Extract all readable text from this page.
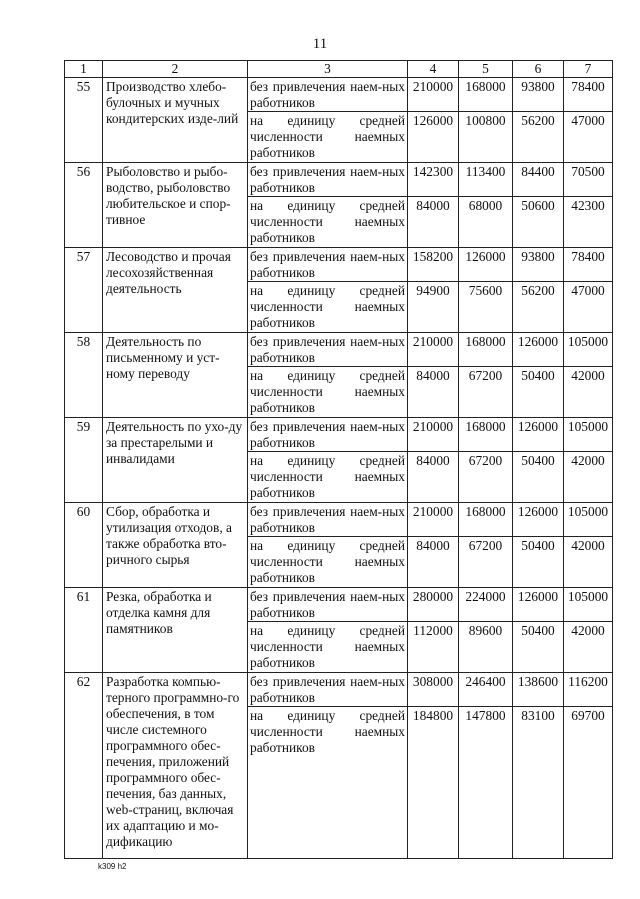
11
1	2	3	4	5	6	7
55	Производство хлебо-булочных и мучных кондитерских изде-лий	без привлечения наем-ных работников	210000	168000	93800	78400
		на единицу средней численности наемных работников	126000	100800	56200	47000
56	Рыболовство и рыбо-водство, рыболовство любительское и спор-тивное	без привлечения наем-ных работников	142300	113400	84400	70500
		на единицу средней численности наемных работников	84000	68000	50600	42300
57	Лесоводство и прочая лесохозяйственная деятельность	без привлечения наем-ных работников	158200	126000	93800	78400
		на единицу средней численности наемных работников	94900	75600	56200	47000
58	Деятельность по письменному и уст-ному переводу	без привлечения наем-ных работников	210000	168000	126000	105000
		на единицу средней численности наемных работников	84000	67200	50400	42000
59	Деятельность по ухо-ду за престарелыми и инвалидами	без привлечения наем-ных работников	210000	168000	126000	105000
		на единицу средней численности наемных работников	84000	67200	50400	42000
60	Сбор, обработка и утилизация отходов, а также обработка вто-ричного сырья	без привлечения наем-ных работников	210000	168000	126000	105000
		на единицу средней численности наемных работников	84000	67200	50400	42000
61	Резка, обработка и отделка камня для памятников	без привлечения наем-ных работников	280000	224000	126000	105000
		на единицу средней численности наемных работников	112000	89600	50400	42000
62	Разработка компью-терного программно-го обеспечения, в том числе системного программного обес-печения, приложений программного обес-печения, баз данных, web-страниц, включая их адаптацию и мо-дификацию	без привлечения наем-ных работников	308000	246400	138600	116200
		на единицу средней численности наемных работников	184800	147800	83100	69700
k309 h2
